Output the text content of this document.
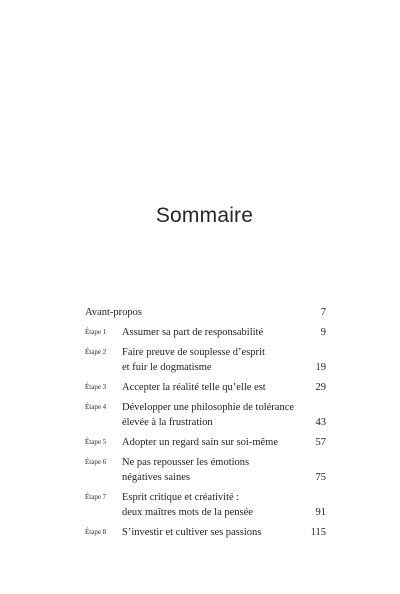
Sommaire
Avant-propos	7
Étape 1	Assumer sa part de responsabilité	9
Étape 2	Faire preuve de souplesse d’esprit
et fuir le dogmatisme	19
Étape 3	Accepter la réalité telle qu’elle est	29
Étape 4	Développer une philosophie de tolérance
élevée à la frustration	43
Étape 5	Adopter un regard sain sur soi-même	57
Étape 6	Ne pas repousser les émotions
négatives saines	75
Étape 7	Esprit critique et créativité :
deux maîtres mots de la pensée	91
Étape 8	S’investir et cultiver ses passions	115
